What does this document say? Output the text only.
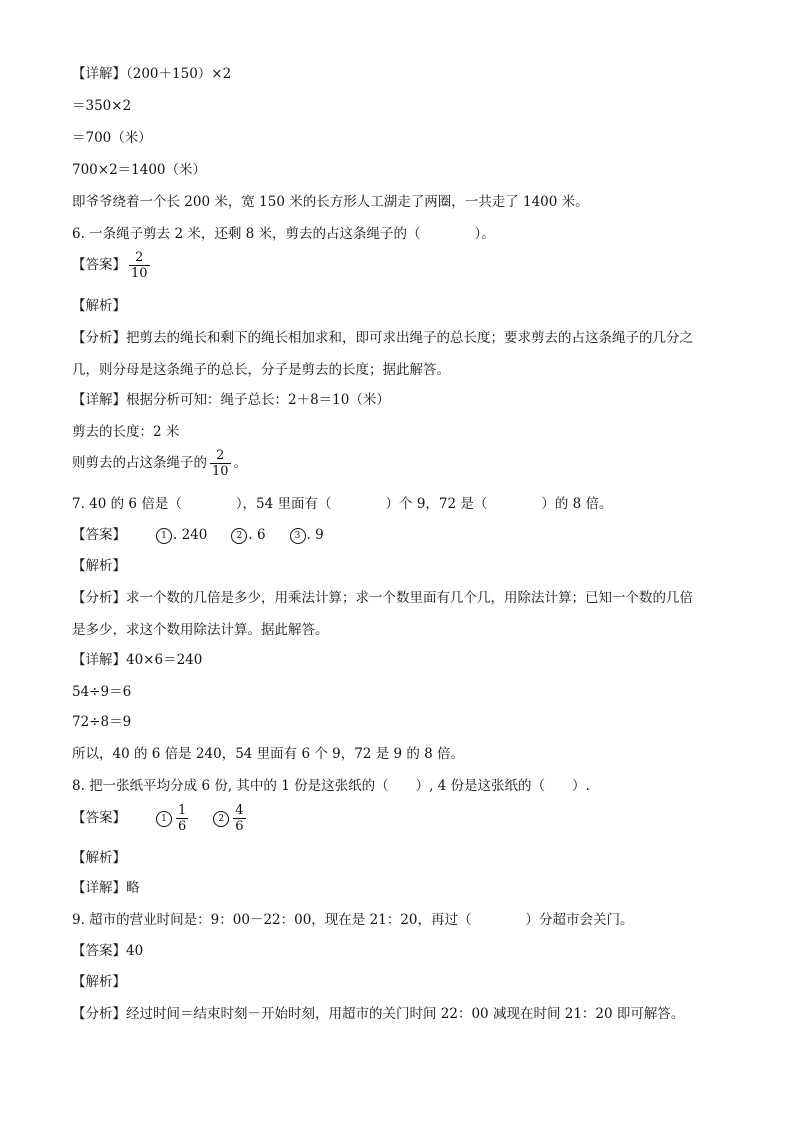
【详解】（200＋150）×2
＝350×2
＝700（米）
700×2＝1400（米）
即爷爷绕着一个长 200 米，宽 150 米的长方形人工湖走了两圈，一共走了 1400 米。
6. 一条绳子剪去 2 米，还剩 8 米，剪去的占这条绳子的（　　　　）。
【答案】 $\frac{2}{10}$
【解析】
【分析】把剪去的绳长和剩下的绳长相加求和，即可求出绳子的总长度；要求剪去的占这条绳子的几分之
几，则分母是这条绳子的总长，分子是剪去的长度；据此解答。
【详解】根据分析可知：绳子总长：2＋8＝10（米）
剪去的长度：2 米
则剪去的占这条绳子的 $\frac{2}{10}$ 。
7. 40 的 6 倍是（　　　　），54 里面有（　　　　）个 9，72 是（　　　　）的 8 倍。
【答案】	1 . 240	2 . 6	3 . 9
【解析】
【分析】求一个数的几倍是多少，用乘法计算；求一个数里面有几个几，用除法计算；已知一个数的几倍
是多少，求这个数用除法计算。据此解答。
【详解】40×6＝240
54÷9＝6
72÷8＝9
所以，40 的 6 倍是 240，54 里面有 6 个 9，72 是 9 的 8 倍。
8. 把一张纸平均分成 6 份, 其中的 1 份是这张纸的（　　）, 4 份是这张纸的（　　）.
【答案】	$1 \frac{1}{6}$	$2 \frac{4}{6}$
【解析】
【详解】略
9. 超市的营业时间是：9：00－22：00，现在是 21：20，再过（　　　　）分超市会关门。
【答案】40
【解析】
【分析】经过时间＝结束时刻－开始时刻，用超市的关门时间 22：00 减现在时间 21：20 即可解答。
